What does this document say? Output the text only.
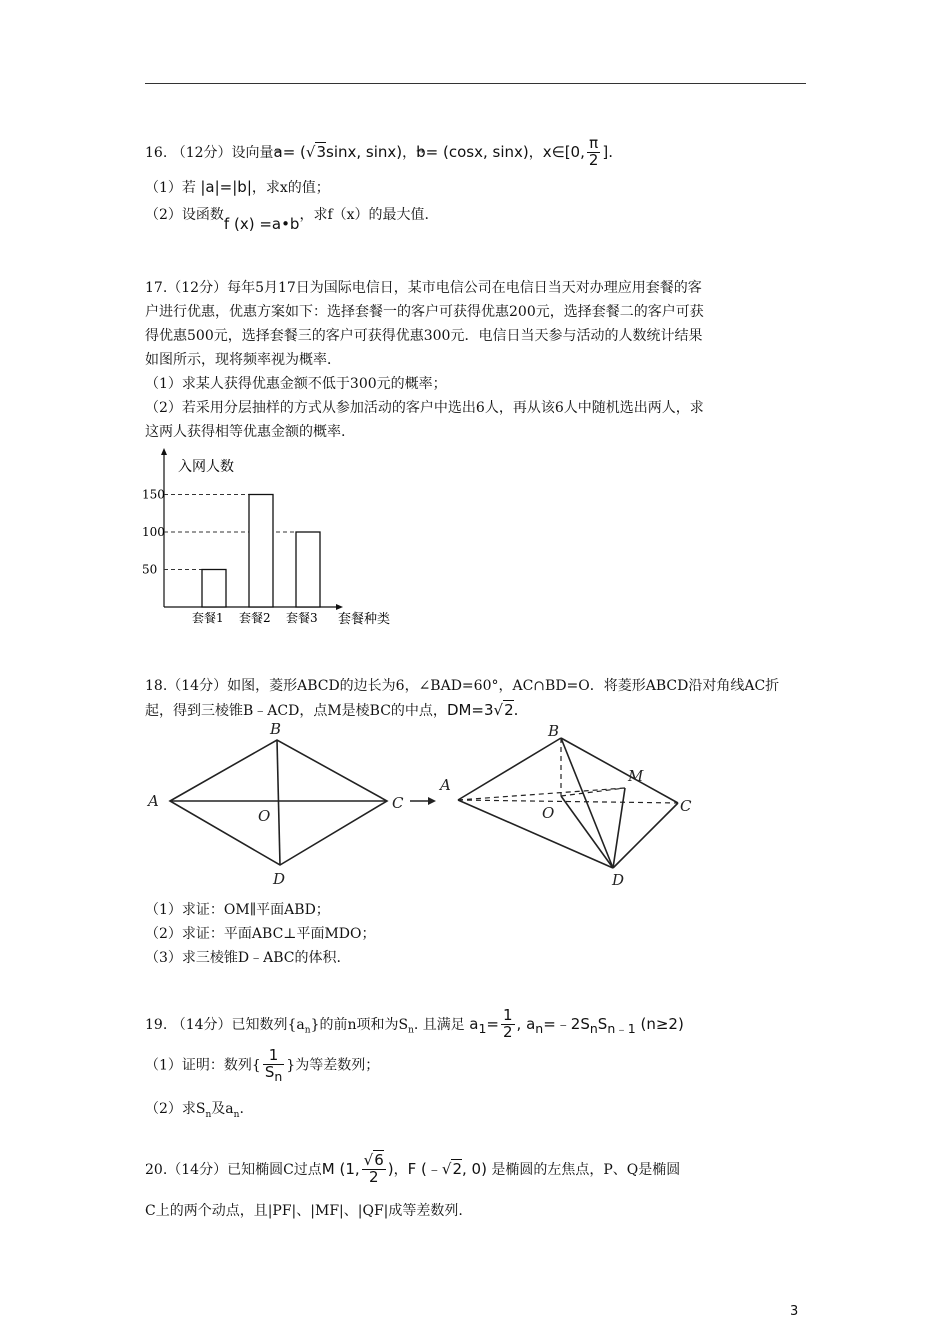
16. （12分）设向量a= (√3sinx, sinx)，b= (cosx, sinx)，x∈[0, $\frac{\pi}{2}$ ].
（1）若 |a|=|b|，求x的值；
（2）设函数f (x) =a•b，求f（x）的最大值.
17.（12分）每年5月17日为国际电信日，某市电信公司在电信日当天对办理应用套餐的客
户进行优惠，优惠方案如下：选择套餐一的客户可获得优惠200元，选择套餐二的客户可获
得优惠500元，选择套餐三的客户可获得优惠300元．电信日当天参与活动的人数统计结果
如图所示，现将频率视为概率．
（1）求某人获得优惠金额不低于300元的概率；
（2）若采用分层抽样的方式从参加活动的客户中选出6人，再从该6人中随机选出两人，求
这两人获得相等优惠金额的概率.
入网人数
套餐种类
50
150
100
套餐1 套餐2 套餐3
18.（14分）如图，菱形ABCD的边长为6，∠BAD=60°，AC∩BD=O．将菱形ABCD沿对角线AC折
起，得到三棱锥B﹣ACD，点M是棱BC的中点，DM=3√2.
A
B
C
D
O
A
B
C
D
O
M
（1）求证：OM∥平面ABD；
（2）求证：平面ABC⊥平面MDO；
（3）求三棱锥D﹣ABC的体积.
19. （14分）已知数列$\{a_n\}$的前n项和为$S_n$. 且满足 $a_1= \frac{1}{2}$ , $a_n=﹣2S_nS_{n﹣1}$ (n≥2)
（1）证明：数列{ $\frac{1}{S_n}$ }为等差数列；
（2）求$S_n$及$a_n$.
20.（14分）已知椭圆C过点M (1, $\frac{√6}{2}$ )，F (﹣√2, 0) 是椭圆的左焦点，P、Q是椭圆
C上的两个动点，且|PF|、|MF|、|QF|成等差数列.
3
